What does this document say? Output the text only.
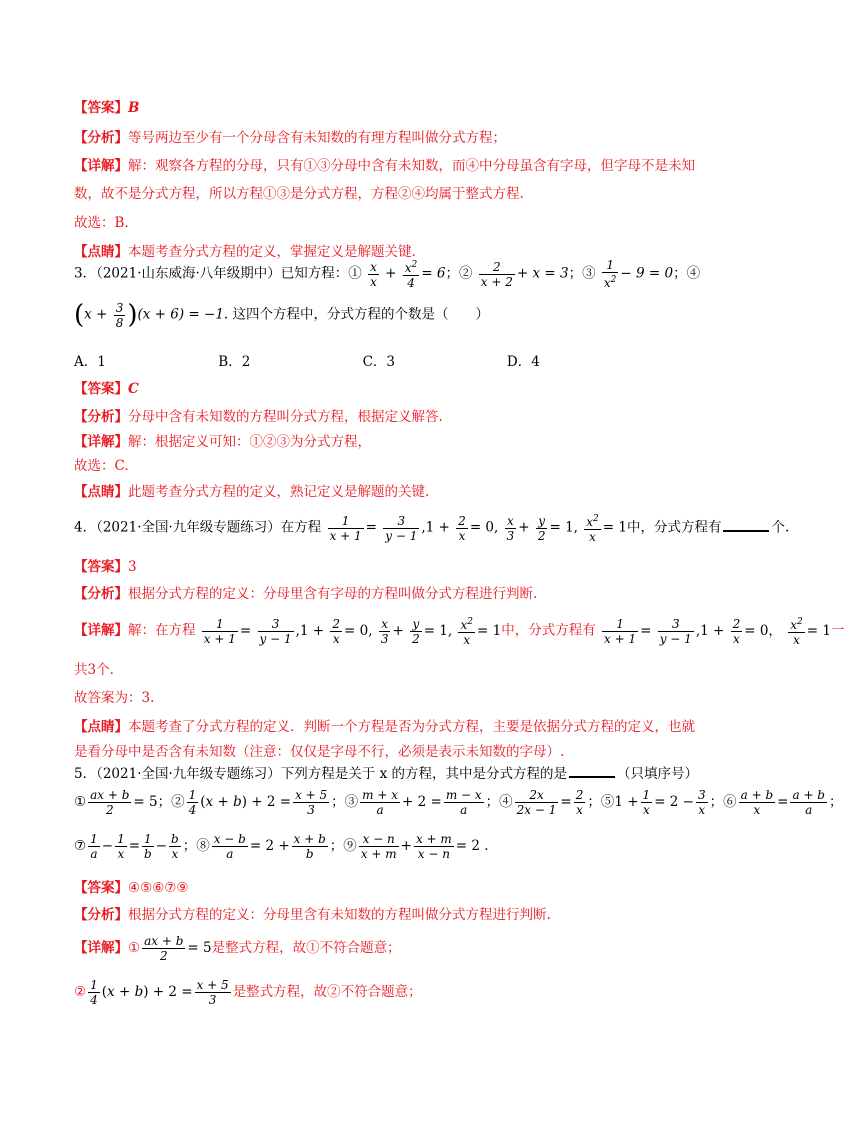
【答案】B
【分析】等号两边至少有一个分母含有未知数的有理方程叫做分式方程；
【详解】解：观察各方程的分母，只有①③分母中含有未知数，而④中分母虽含有字母，但字母不是未知
数，故不是分式方程，所以方程①③是分式方程，方程②④均属于整式方程.
故选：B.
【点睛】本题考查分式方程的定义，掌握定义是解题关键.
3．（2021·山东威海·八年级期中）已知方程：① $\frac{x}{x} + \frac{x^2}{4} = 6$；② $\frac{2}{x + 2} + x = 3$；③ $\frac{1}{x^2} - 9 = 0$；④
$(x + \frac{3}{8} )(x + 6) = -1$. 这四个方程中，分式方程的个数是（　　）
A．1	B．2	C．3	D．4
【答案】C
【分析】分母中含有未知数的方程叫分式方程，根据定义解答.
【详解】解：根据定义可知：①②③为分式方程，
故选：C.
【点睛】此题考查分式方程的定义，熟记定义是解题的关键.
4．（2021·全国·九年级专题练习）在方程 $\frac{1}{x + 1} = \frac{3}{y - 1} ,1 + \frac{2}{x} = 0$, $\frac{x}{3} + \frac{y}{2} = 1$, $\frac{x^2}{x} = 1$中，分式方程有	个.
【答案】3
【分析】根据分式方程的定义：分母里含有字母的方程叫做分式方程进行判断.
【详解】解：在方程 $\frac{1}{x + 1} = \frac{3}{y - 1} ,1 + \frac{2}{x} = 0$, $\frac{x}{3} + \frac{y}{2} = 1$, $\frac{x^2}{x} = 1$中，分式方程有 $\frac{1}{x + 1} = \frac{3}{y - 1} ,1 + \frac{2}{x} = 0$， $\frac{x^2}{x} = 1$一
共3个.
故答案为：3.
【点睛】本题考查了分式方程的定义．判断一个方程是否为分式方程，主要是依据分式方程的定义，也就
是看分母中是否含有未知数（注意：仅仅是字母不行，必须是表示未知数的字母）.
5．（2021·全国·九年级专题练习）下列方程是关于 x 的方程，其中是分式方程的是	（只填序号）
① $\frac{ax + b}{2} = 5$；② $\frac{1}{4} (x + b) + 2 = \frac{x + 5}{3}$ ；③ $\frac{m + x}{a} + 2 = \frac{m - x}{a}$ ；④ $\frac{2x}{2x - 1} = \frac{2}{x}$ ；⑤1 + $\frac{1}{x} = 2 - \frac{3}{x}$ ；⑥ $\frac{a + b}{x} = \frac{a + b}{a}$ ；
⑦ $\frac{1}{a} - \frac{1}{x} = \frac{1}{b} - \frac{b}{x}$ ；⑧ $\frac{x - b}{a} = 2 + \frac{x + b}{b}$ ；⑨ $\frac{x - n}{x + m} + \frac{x + m}{x - n} = 2$ .
【答案】④⑤⑥⑦⑨
【分析】根据分式方程的定义：分母里含有未知数的方程叫做分式方程进行判断.
【详解】① $\frac{ax + b}{2} = 5$是整式方程，故①不符合题意；
② $\frac{1}{4} (x + b) + 2 = \frac{x + 5}{3}$ 是整式方程，故②不符合题意；
